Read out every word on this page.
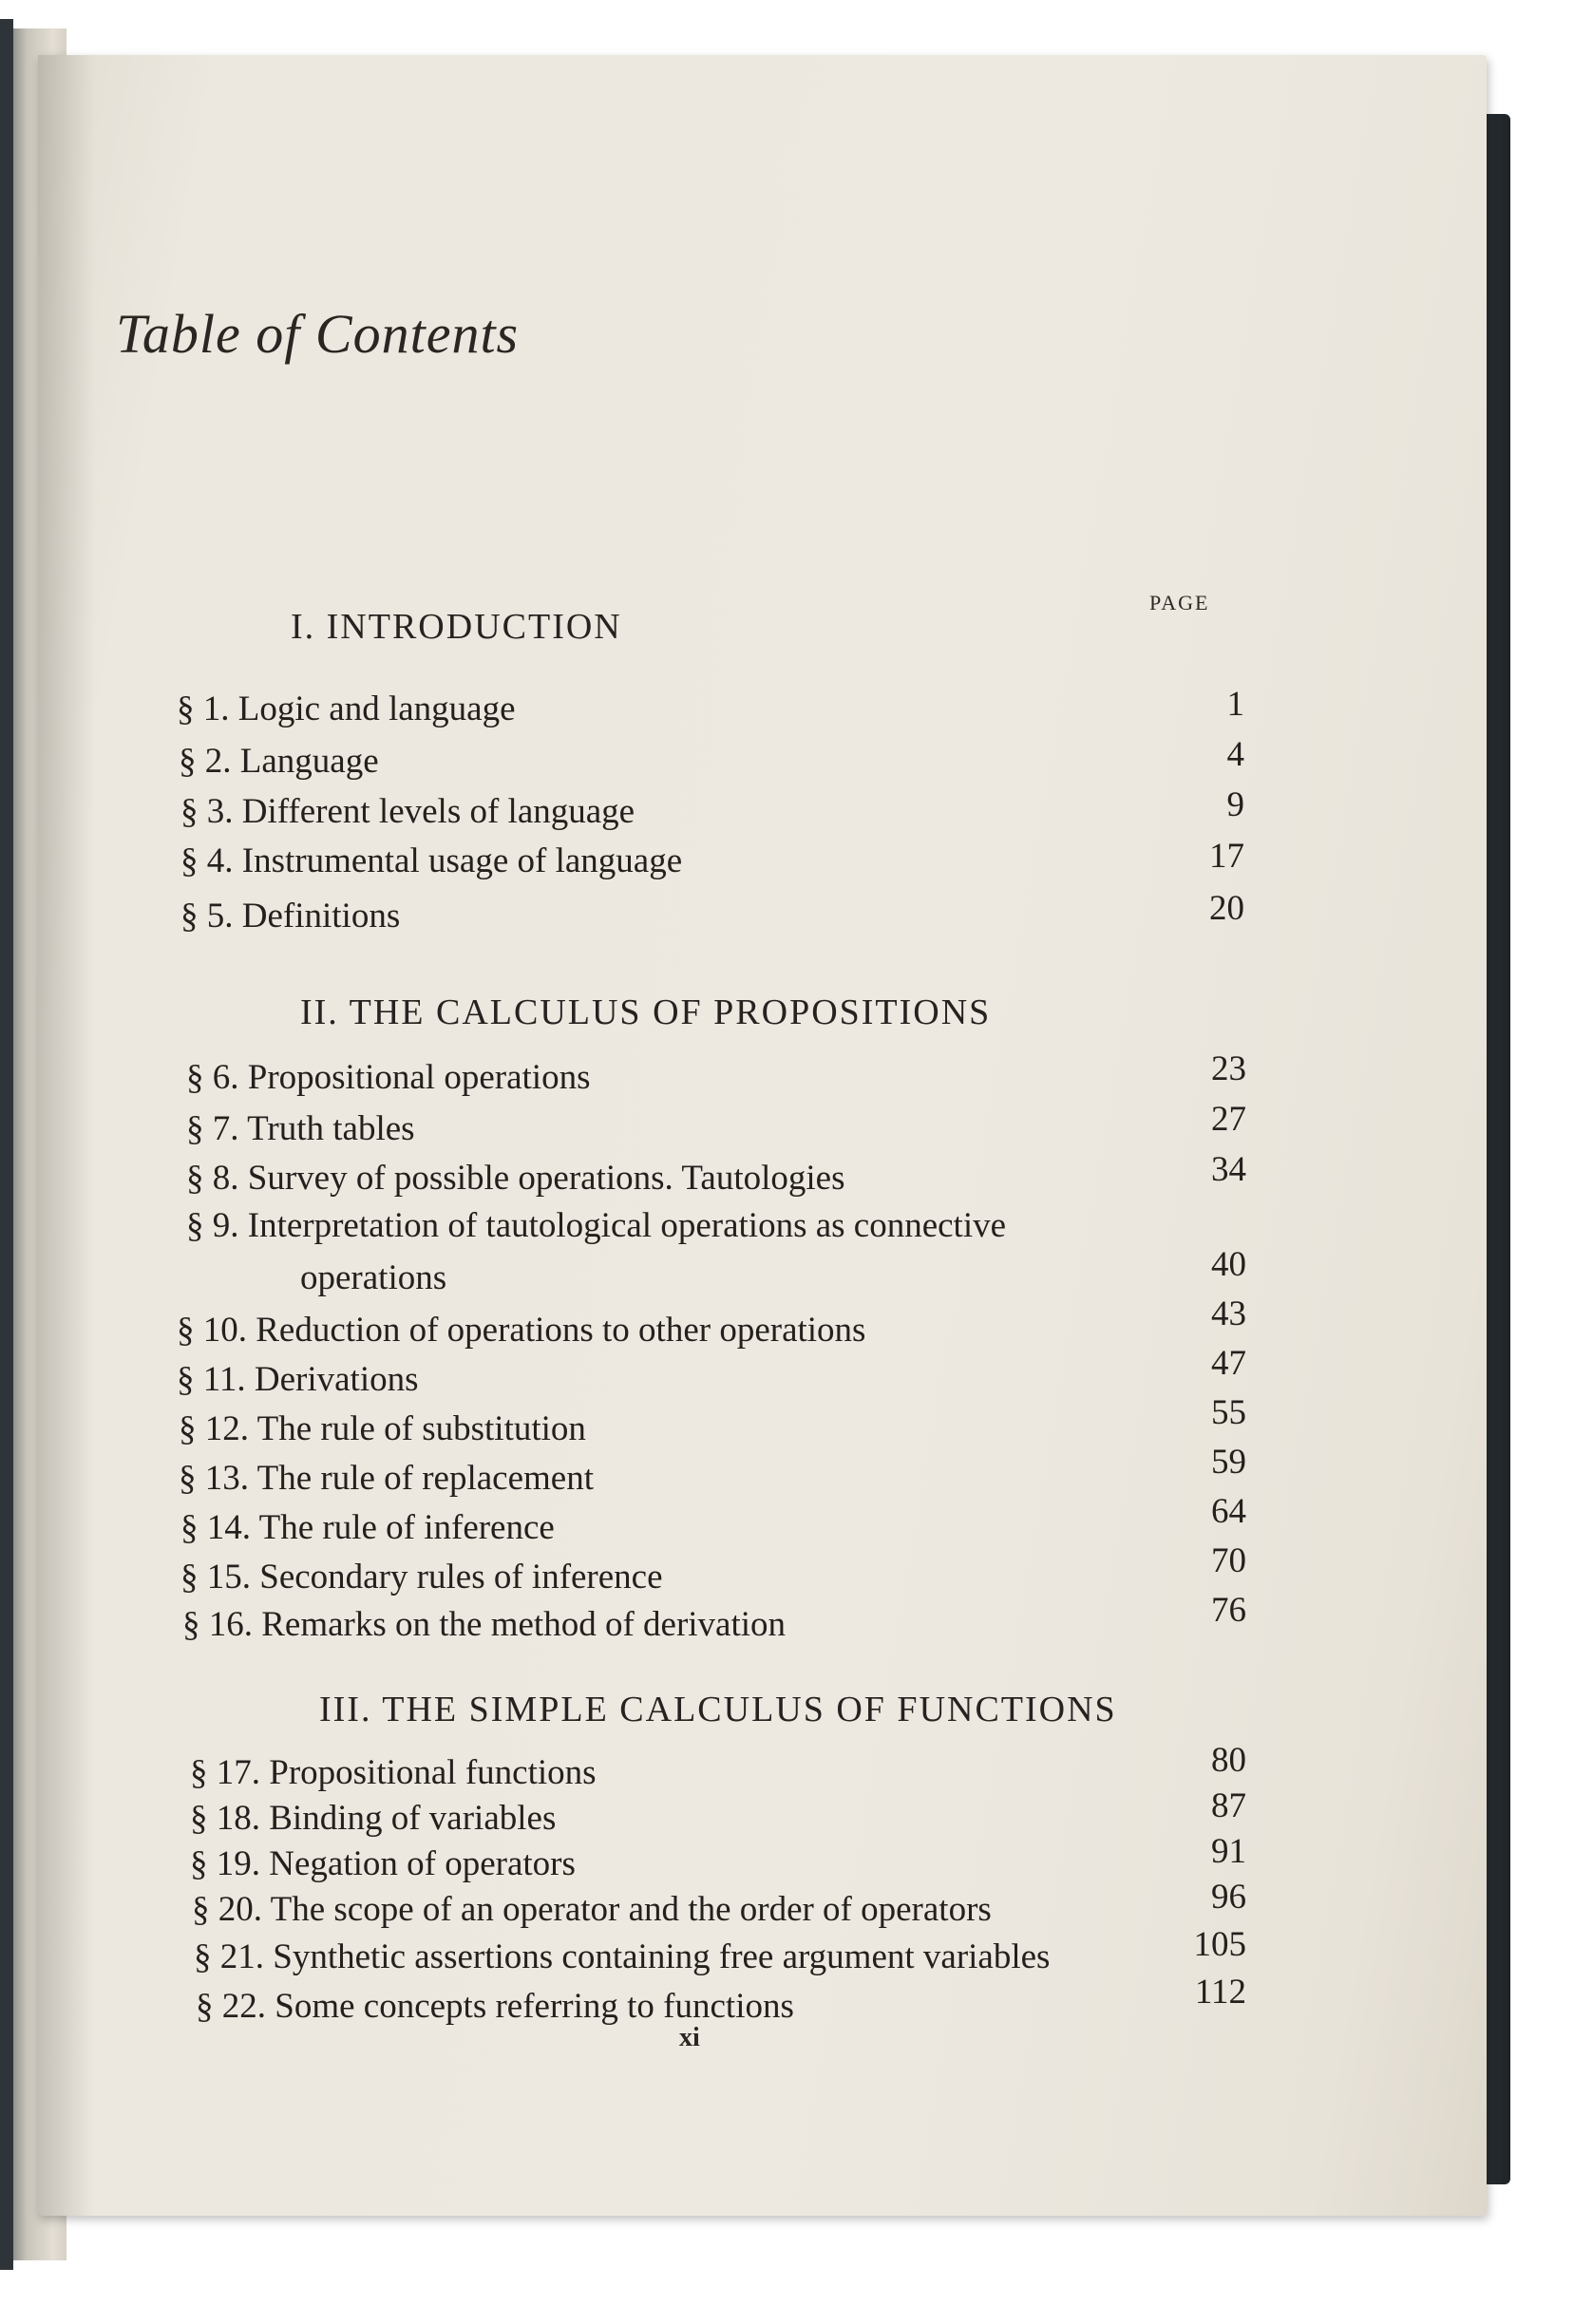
Table of Contents
I. INTRODUCTION
PAGE
§ 1. Logic and language	1
§ 2. Language	4
§ 3. Different levels of language	9
§ 4. Instrumental usage of language	17
§ 5. Definitions	20
II. THE CALCULUS OF PROPOSITIONS
§ 6. Propositional operations	23
§ 7. Truth tables	27
§ 8. Survey of possible operations. Tautologies	34
§ 9. Interpretation of tautological operations as connective
operations	40
§ 10. Reduction of operations to other operations	43
§ 11. Derivations	47
§ 12. The rule of substitution	55
§ 13. The rule of replacement	59
§ 14. The rule of inference	64
§ 15. Secondary rules of inference	70
§ 16. Remarks on the method of derivation	76
III. THE SIMPLE CALCULUS OF FUNCTIONS
§ 17. Propositional functions	80
§ 18. Binding of variables	87
§ 19. Negation of operators	91
§ 20. The scope of an operator and the order of operators	96
§ 21. Synthetic assertions containing free argument variables	105
§ 22. Some concepts referring to functions	112
xi
